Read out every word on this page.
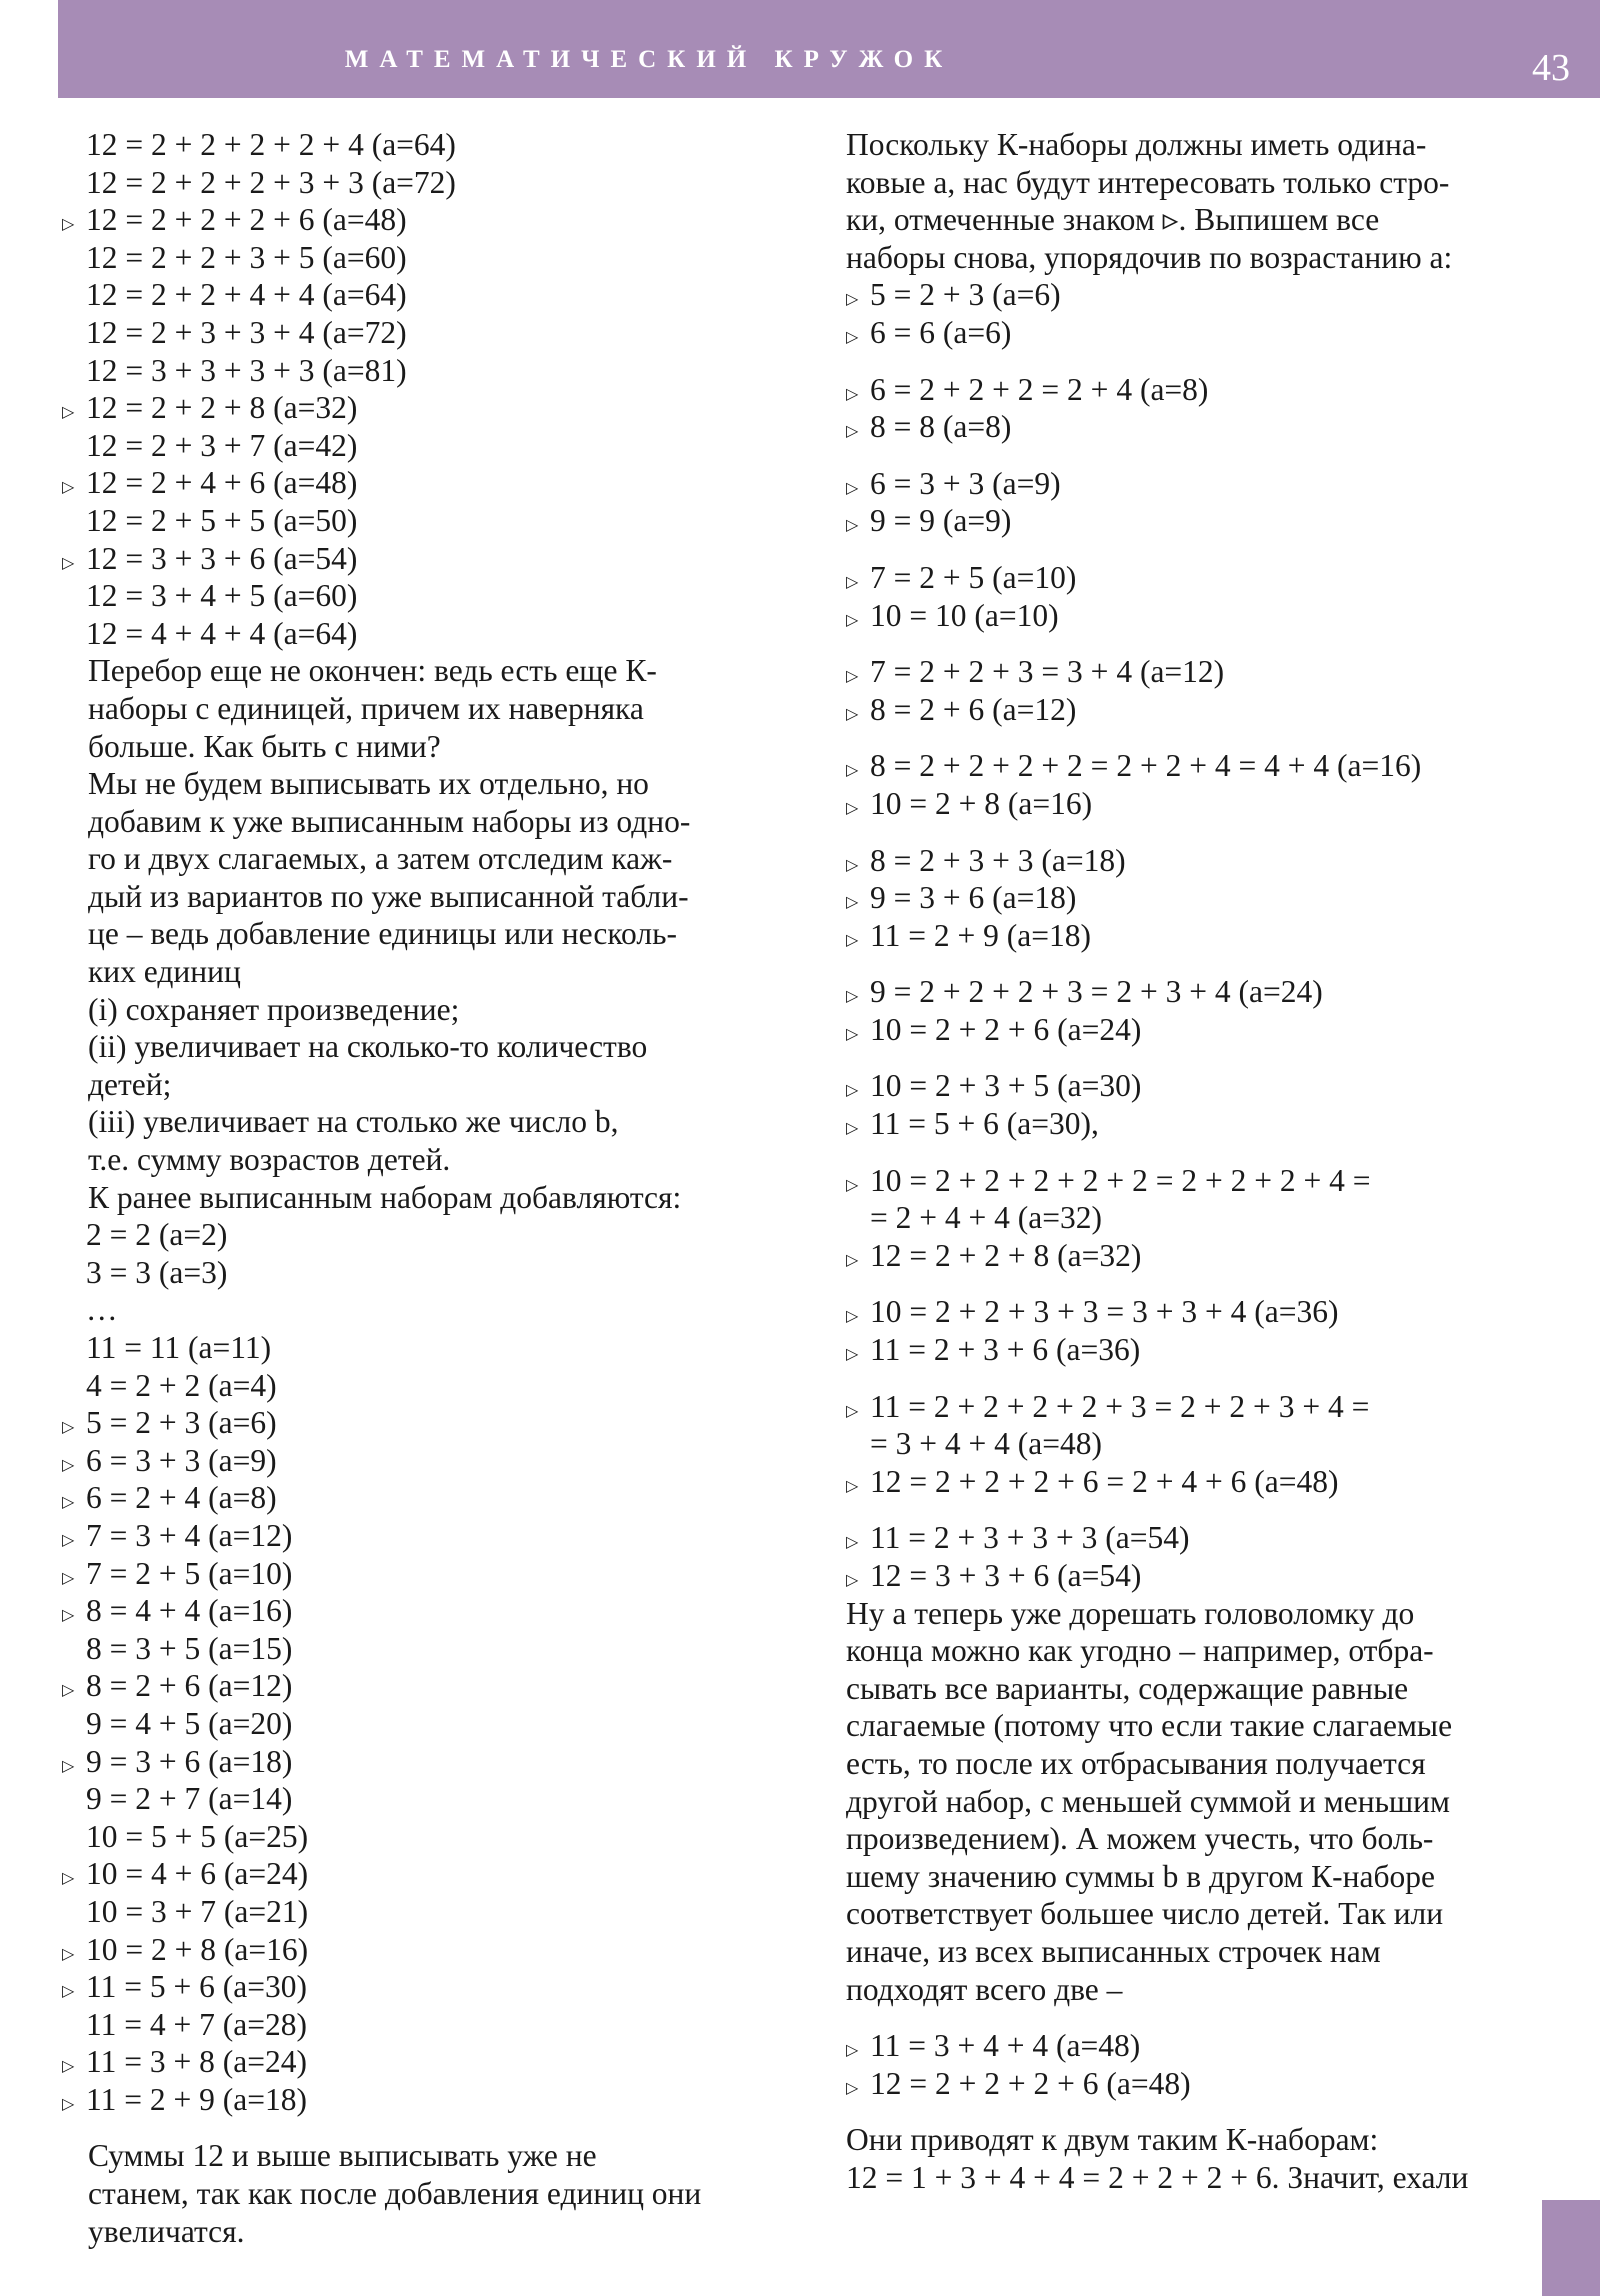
МАТЕМАТИЧЕСКИЙ КРУЖОК	43
12 = 2 + 2 + 2 + 2 + 4 (a=64)
12 = 2 + 2 + 2 + 3 + 3 (a=72)
▷ 12 = 2 + 2 + 2 + 6 (a=48)
12 = 2 + 2 + 3 + 5 (a=60)
12 = 2 + 2 + 4 + 4 (a=64)
12 = 2 + 3 + 3 + 4 (a=72)
12 = 3 + 3 + 3 + 3 (a=81)
▷ 12 = 2 + 2 + 8 (a=32)
12 = 2 + 3 + 7 (a=42)
▷ 12 = 2 + 4 + 6 (a=48)
12 = 2 + 5 + 5 (a=50)
▷ 12 = 3 + 3 + 6 (a=54)
12 = 3 + 4 + 5 (a=60)
12 = 4 + 4 + 4 (a=64)
Перебор еще не окончен: ведь есть еще К-
наборы с единицей, причем их наверняка
больше. Как быть с ними?
Мы не будем выписывать их отдельно, но
добавим к уже выписанным наборы из одно-
го и двух слагаемых, а затем отследим каж-
дый из вариантов по уже выписанной табли-
це – ведь добавление единицы или несколь-
ких единиц
(i) сохраняет произведение;
(ii) увеличивает на сколько-то количество
детей;
(iii) увеличивает на столько же число b,
т.е. сумму возрастов детей.
К ранее выписанным наборам добавляются:
2 = 2 (a=2)
3 = 3 (a=3)
…
11 = 11 (a=11)
4 = 2 + 2 (a=4)
▷ 5 = 2 + 3 (a=6)
▷ 6 = 3 + 3 (a=9)
▷ 6 = 2 + 4 (a=8)
▷ 7 = 3 + 4 (a=12)
▷ 7 = 2 + 5 (a=10)
▷ 8 = 4 + 4 (a=16)
8 = 3 + 5 (a=15)
▷ 8 = 2 + 6 (a=12)
9 = 4 + 5 (a=20)
▷ 9 = 3 + 6 (a=18)
9 = 2 + 7 (a=14)
10 = 5 + 5 (a=25)
▷ 10 = 4 + 6 (a=24)
10 = 3 + 7 (a=21)
▷ 10 = 2 + 8 (a=16)
▷ 11 = 5 + 6 (a=30)
11 = 4 + 7 (a=28)
▷ 11 = 3 + 8 (a=24)
▷ 11 = 2 + 9 (a=18)
Суммы 12 и выше выписывать уже не
станем, так как после добавления единиц они
увеличатся.
Поскольку К-наборы должны иметь одина-
ковые a, нас будут интересовать только стро-
ки, отмеченные знаком ▹. Выпишем все
наборы снова, упорядочив по возрастанию a:
▷ 5 = 2 + 3 (a=6)
▷ 6 = 6 (a=6)
▷ 6 = 2 + 2 + 2 = 2 + 4 (a=8)
▷ 8 = 8 (a=8)
▷ 6 = 3 + 3 (a=9)
▷ 9 = 9 (a=9)
▷ 7 = 2 + 5 (a=10)
▷ 10 = 10 (a=10)
▷ 7 = 2 + 2 + 3 = 3 + 4 (a=12)
▷ 8 = 2 + 6 (a=12)
▷ 8 = 2 + 2 + 2 + 2 = 2 + 2 + 4 = 4 + 4 (a=16)
▷ 10 = 2 + 8 (a=16)
▷ 8 = 2 + 3 + 3 (a=18)
▷ 9 = 3 + 6 (a=18)
▷ 11 = 2 + 9 (a=18)
▷ 9 = 2 + 2 + 2 + 3 = 2 + 3 + 4 (a=24)
▷ 10 = 2 + 2 + 6 (a=24)
▷ 10 = 2 + 3 + 5 (a=30)
▷ 11 = 5 + 6 (a=30),
▷ 10 = 2 + 2 + 2 + 2 + 2 = 2 + 2 + 2 + 4 =
= 2 + 4 + 4 (a=32)
▷ 12 = 2 + 2 + 8 (a=32)
▷ 10 = 2 + 2 + 3 + 3 = 3 + 3 + 4 (a=36)
▷ 11 = 2 + 3 + 6 (a=36)
▷ 11 = 2 + 2 + 2 + 2 + 3 = 2 + 2 + 3 + 4 =
= 3 + 4 + 4 (a=48)
▷ 12 = 2 + 2 + 2 + 6 = 2 + 4 + 6 (a=48)
▷ 11 = 2 + 3 + 3 + 3 (a=54)
▷ 12 = 3 + 3 + 6 (a=54)
Ну а теперь уже дорешать головоломку до
конца можно как угодно – например, отбра-
сывать все варианты, содержащие равные
слагаемые (потому что если такие слагаемые
есть, то после их отбрасывания получается
другой набор, с меньшей суммой и меньшим
произведением). А можем учесть, что боль-
шему значению суммы b в другом К-наборе
соответствует большее число детей. Так или
иначе, из всех выписанных строчек нам
подходят всего две –
▷ 11 = 3 + 4 + 4 (a=48)
▷ 12 = 2 + 2 + 2 + 6 (a=48)
Они приводят к двум таким К-наборам:
12 = 1 + 3 + 4 + 4 = 2 + 2 + 2 + 6. Значит, ехали
